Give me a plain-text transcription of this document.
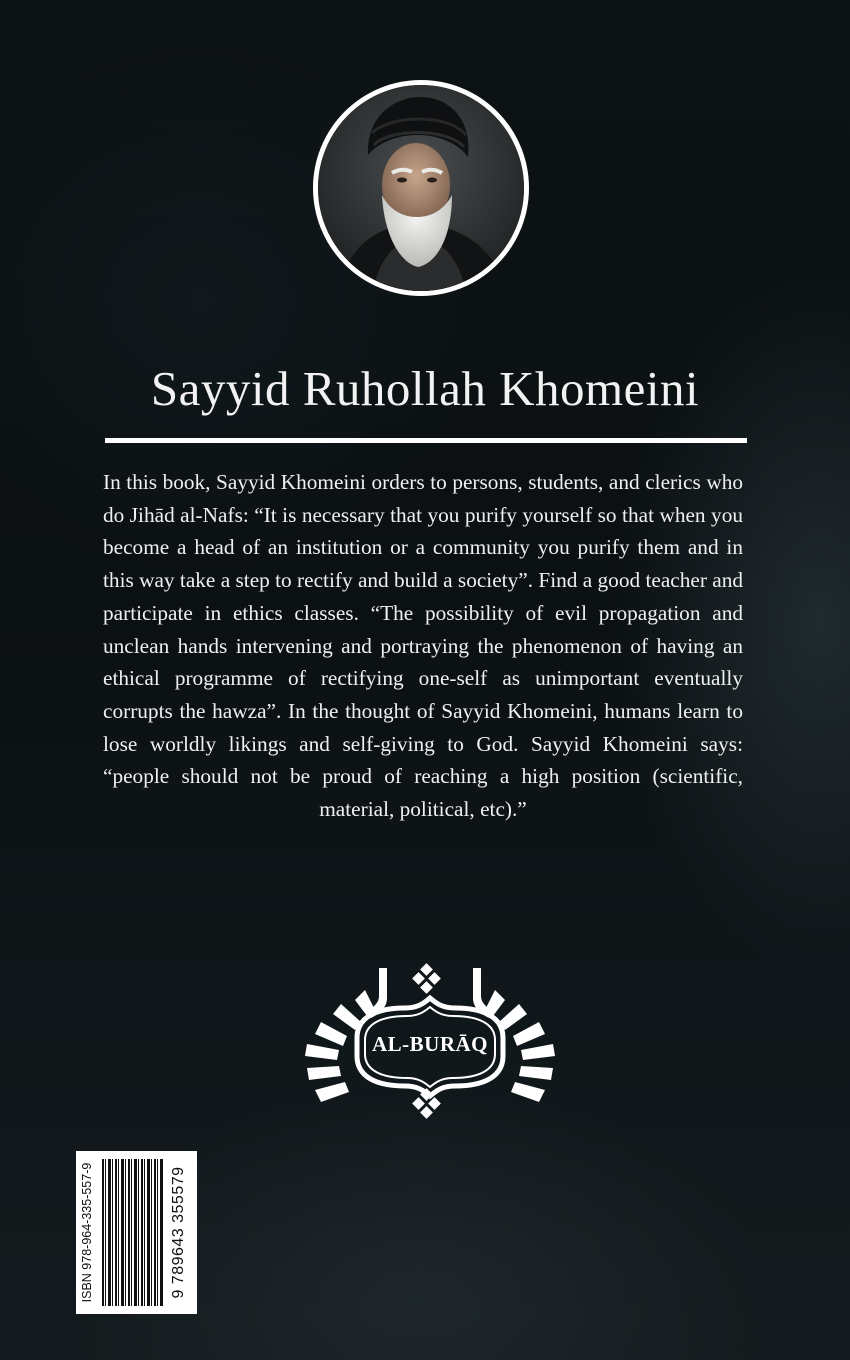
Sayyid Ruhollah Khomeini

In this book, Sayyid Khomeini orders to persons, students, and clerics who do Jihād al-Nafs: “It is necessary that you purify yourself so that when you become a head of an institution or a community you purify them and in this way take a step to rectify and build a society”. Find a good teacher and participate in ethics classes. “The possibility of evil propagation and unclean hands intervening and portraying the phenomenon of having an ethical programme of rectifying one-self as unimportant eventually corrupts the hawza”. In the thought of Sayyid Khomeini, humans learn to lose worldly likings and self-giving to God. Sayyid Khomeini says: “people should not be proud of reaching a high position (scientific, material, political, etc).”

AL-BURĀQ
ISBN 978-964-335-557-9	9 789643 355579
